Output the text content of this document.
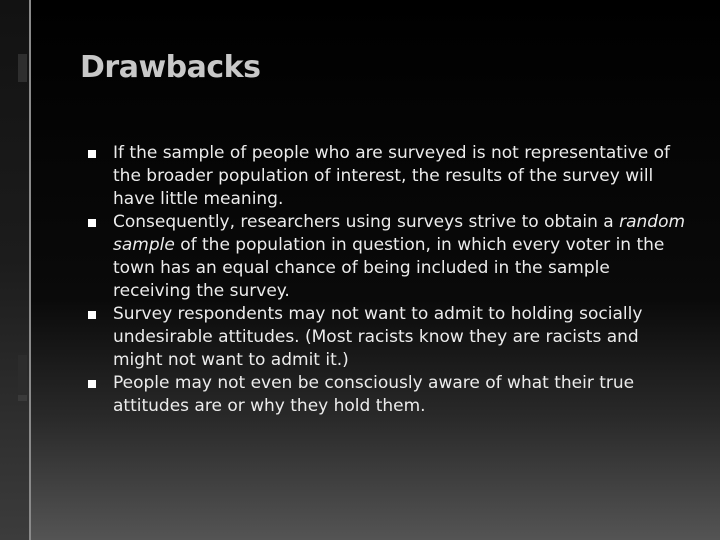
Drawbacks
If the sample of people who are surveyed is not representative of the broader population of interest, the results of the survey will have little meaning.
Consequently, researchers using surveys strive to obtain a random sample of the population in question, in which every voter in the town has an equal chance of being included in the sample receiving the survey.
Survey respondents may not want to admit to holding socially undesirable attitudes. (Most racists know they are racists and might not want to admit it.)
People may not even be consciously aware of what their true attitudes are or why they hold them.
